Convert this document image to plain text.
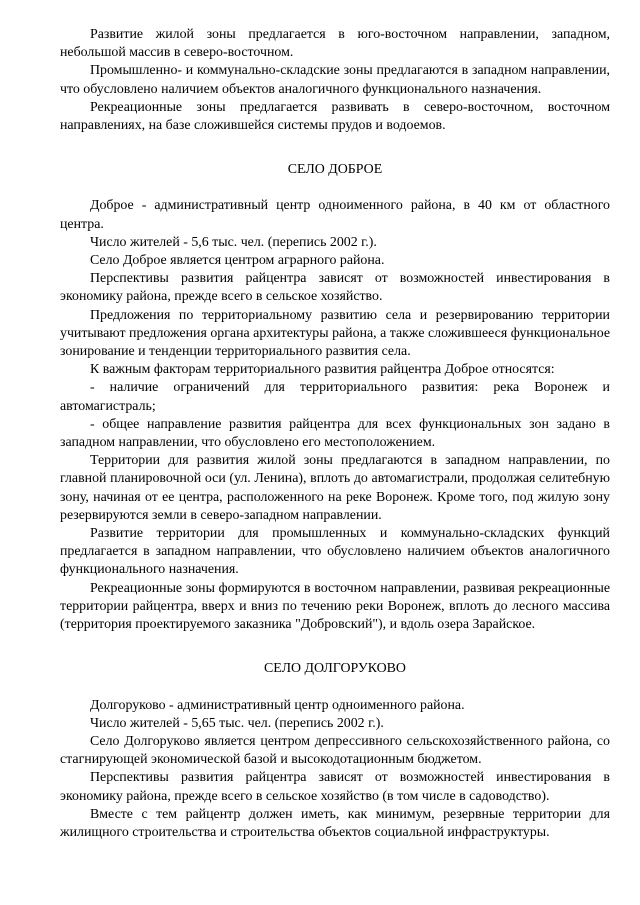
Развитие жилой зоны предлагается в юго-восточном направлении, западном, небольшой массив в северо-восточном.

Промышленно- и коммунально-складские зоны предлагаются в западном направлении, что обусловлено наличием объектов аналогичного функционального назначения.

Рекреационные зоны предлагается развивать в северо-восточном, восточном направлениях, на базе сложившейся системы прудов и водоемов.

СЕЛО ДОБРОЕ

Доброе - административный центр одноименного района, в 40 км от областного центра.

Число жителей - 5,6 тыс. чел. (перепись 2002 г.).

Село Доброе является центром аграрного района.

Перспективы развития райцентра зависят от возможностей инвестирования в экономику района, прежде всего в сельское хозяйство.

Предложения по территориальному развитию села и резервированию территории учитывают предложения органа архитектуры района, а также сложившееся функциональное зонирование и тенденции территориального развития села.

К важным факторам территориального развития райцентра Доброе относятся:

- наличие ограничений для территориального развития: река Воронеж и автомагистраль;

- общее направление развития райцентра для всех функциональных зон задано в западном направлении, что обусловлено его местоположением.

Территории для развития жилой зоны предлагаются в западном направлении, по главной планировочной оси (ул. Ленина), вплоть до автомагистрали, продолжая селитебную зону, начиная от ее центра, расположенного на реке Воронеж. Кроме того, под жилую зону резервируются земли в северо-западном направлении.

Развитие территории для промышленных и коммунально-складских функций предлагается в западном направлении, что обусловлено наличием объектов аналогичного функционального назначения.

Рекреационные зоны формируются в восточном направлении, развивая рекреационные территории райцентра, вверх и вниз по течению реки Воронеж, вплоть до лесного массива (территория проектируемого заказника "Добровский"), и вдоль озера Зарайское.

СЕЛО ДОЛГОРУКОВО

Долгоруково - административный центр одноименного района.

Число жителей - 5,65 тыс. чел. (перепись 2002 г.).

Село Долгоруково является центром депрессивного сельскохозяйственного района, со стагнирующей экономической базой и высокодотационным бюджетом.

Перспективы развития райцентра зависят от возможностей инвестирования в экономику района, прежде всего в сельское хозяйство (в том числе в садоводство).

Вместе с тем райцентр должен иметь, как минимум, резервные территории для жилищного строительства и строительства объектов социальной инфраструктуры.
